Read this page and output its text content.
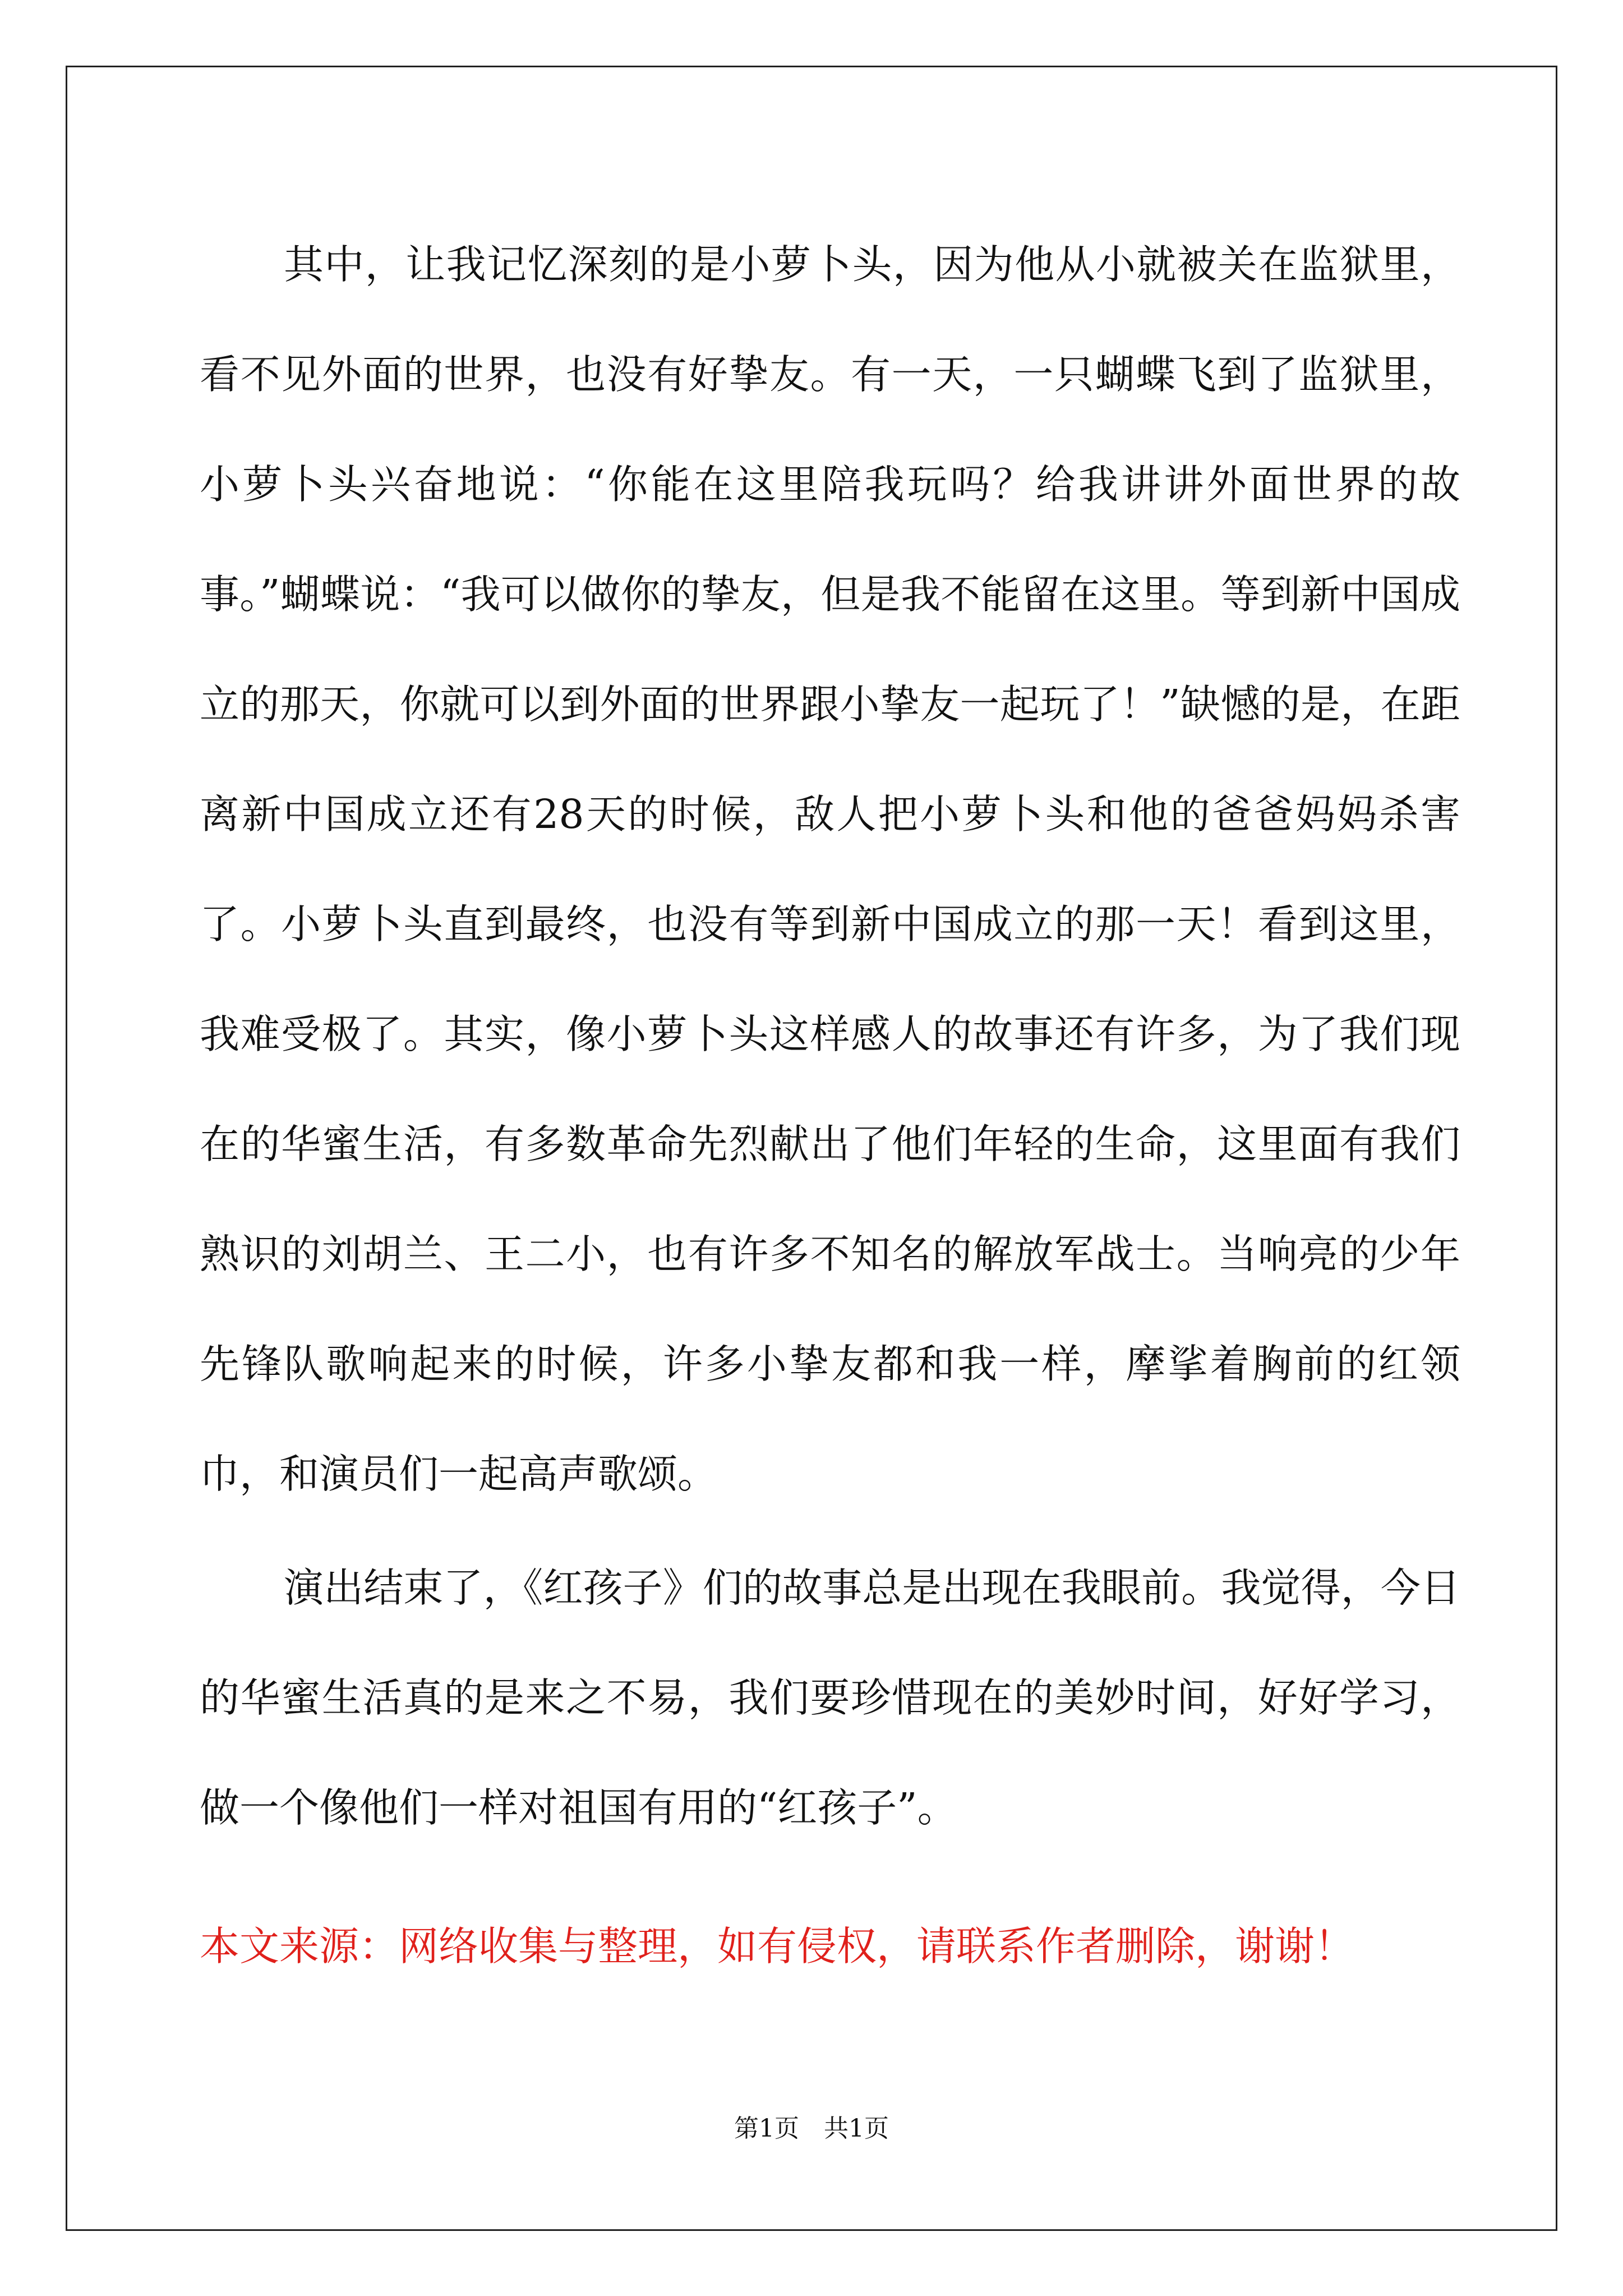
其中，让我记忆深刻的是小萝卜头，因为他从小就被关在监狱里，看不见外面的世界，也没有好挚友。有一天，一只蝴蝶飞到了监狱里，小萝卜头兴奋地说：“你能在这里陪我玩吗？给我讲讲外面世界的故事。”蝴蝶说：“我可以做你的挚友，但是我不能留在这里。等到新中国成立的那天，你就可以到外面的世界跟小挚友一起玩了！”缺憾的是，在距离新中国成立还有28天的时候，敌人把小萝卜头和他的爸爸妈妈杀害了。小萝卜头直到最终，也没有等到新中国成立的那一天！看到这里，我难受极了。其实，像小萝卜头这样感人的故事还有许多，为了我们现在的华蜜生活，有多数革命先烈献出了他们年轻的生命，这里面有我们熟识的刘胡兰、王二小，也有许多不知名的解放军战士。当响亮的少年先锋队歌响起来的时候，许多小挚友都和我一样，摩挲着胸前的红领巾，和演员们一起高声歌颂。

演出结束了，《红孩子》们的故事总是出现在我眼前。我觉得，今日的华蜜生活真的是来之不易，我们要珍惜现在的美妙时间，好好学习，做一个像他们一样对祖国有用的“红孩子”。

本文来源：网络收集与整理，如有侵权，请联系作者删除，谢谢！

第1页　共1页
